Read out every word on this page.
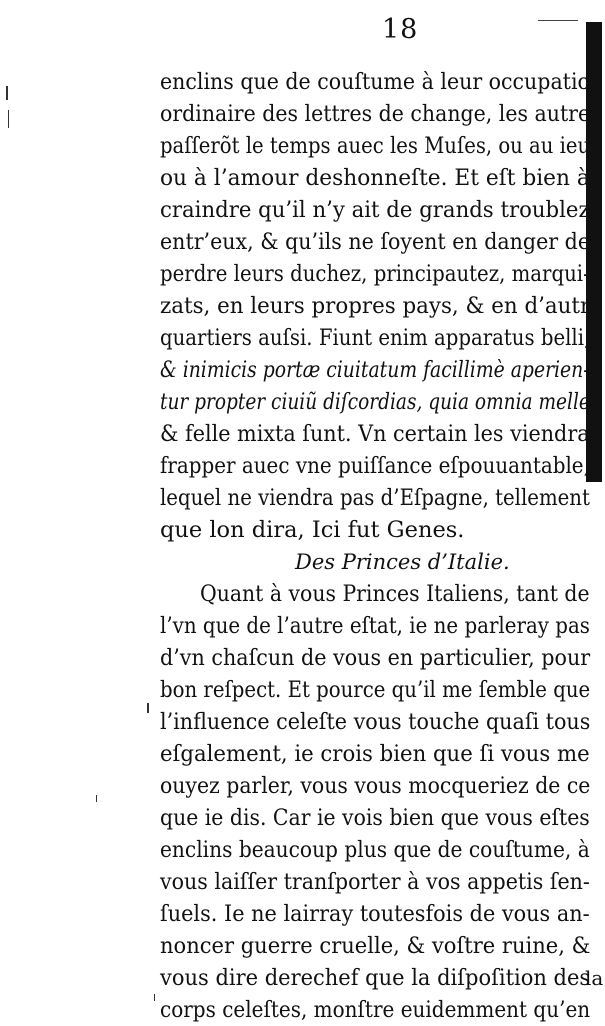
18
enclins que de couſtume à leur occupatio
ordinaire des lettres de change, les autre
paſſerõt le temps auec les Muſes, ou au ieu
ou à l’amour deshonneſte. Et eſt bien à
craindre qu’il n’y ait de grands troublez
entr’eux, & qu’ils ne ſoyent en danger de
perdre leurs duchez, principautez, marqui-
zats, en leurs propres pays, & en d’autr
quartiers auſsi. Fiunt enim apparatus belli,
& inimicis portæ ciuitatum facillimè aperien-
tur propter ciuiũ diſcordias, quia omnia melle
& felle mixta ſunt. Vn certain les viendra
frapper auec vne puiſſance eſpouuantable,
lequel ne viendra pas d’Eſpagne, tellement
que lon dira, Ici fut Genes.
Des Princes d’Italie.
Quant à vous Princes Italiens, tant de
l’vn que de l’autre eſtat, ie ne parleray pas
d’vn chaſcun de vous en particulier, pour
bon reſpect. Et pource qu’il me ſemble que
l’influence celeſte vous touche quaſi tous
eſgalement, ie crois bien que ſi vous me
ouyez parler, vous vous mocqueriez de ce
que ie dis. Car ie vois bien que vous eſtes
enclins beaucoup plus que de couſtume, à
vous laiſſer tranſporter à vos appetis ſen-
ſuels. Ie ne lairray toutesfois de vous an-
noncer guerre cruelle, & voſtre ruine, &
vous dire derechef que la diſpoſition des
corps celeſtes, monſtre euidemment qu’en
la
